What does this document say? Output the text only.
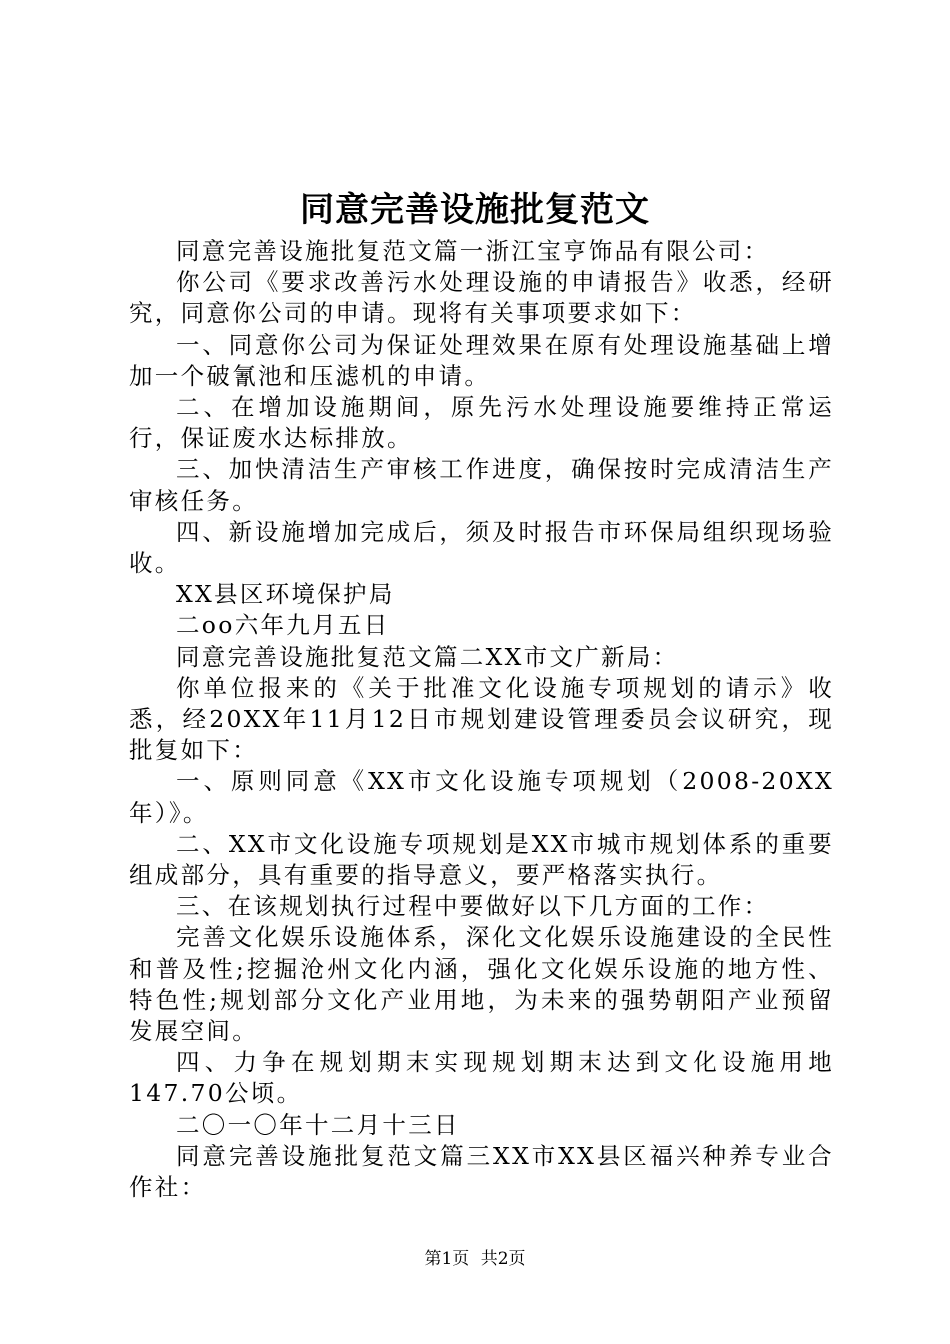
同意完善设施批复范文

同意完善设施批复范文篇一浙江宝亨饰品有限公司：

你公司《要求改善污水处理设施的申请报告》收悉，经研究，同意你公司的申请。现将有关事项要求如下：

一、同意你公司为保证处理效果在原有处理设施基础上增加一个破氰池和压滤机的申请。

二、在增加设施期间，原先污水处理设施要维持正常运行，保证废水达标排放。

三、加快清洁生产审核工作进度，确保按时完成清洁生产审核任务。

四、新设施增加完成后，须及时报告市环保局组织现场验收。

XX县区环境保护局

二oo六年九月五日

同意完善设施批复范文篇二XX市文广新局：

你单位报来的《关于批准文化设施专项规划的请示》收悉，经20XX年11月12日市规划建设管理委员会议研究，现批复如下：

一、原则同意《XX市文化设施专项规划（2008-20XX年）》。

二、XX市文化设施专项规划是XX市城市规划体系的重要组成部分，具有重要的指导意义，要严格落实执行。

三、在该规划执行过程中要做好以下几方面的工作：

完善文化娱乐设施体系，深化文化娱乐设施建设的全民性和普及性;挖掘沧州文化内涵，强化文化娱乐设施的地方性、特色性;规划部分文化产业用地，为未来的强势朝阳产业预留发展空间。

四、力争在规划期末实现规划期末达到文化设施用地147.70公顷。

二〇一〇年十二月十三日

同意完善设施批复范文篇三XX市XX县区福兴种养专业合作社：

第1页 共2页
